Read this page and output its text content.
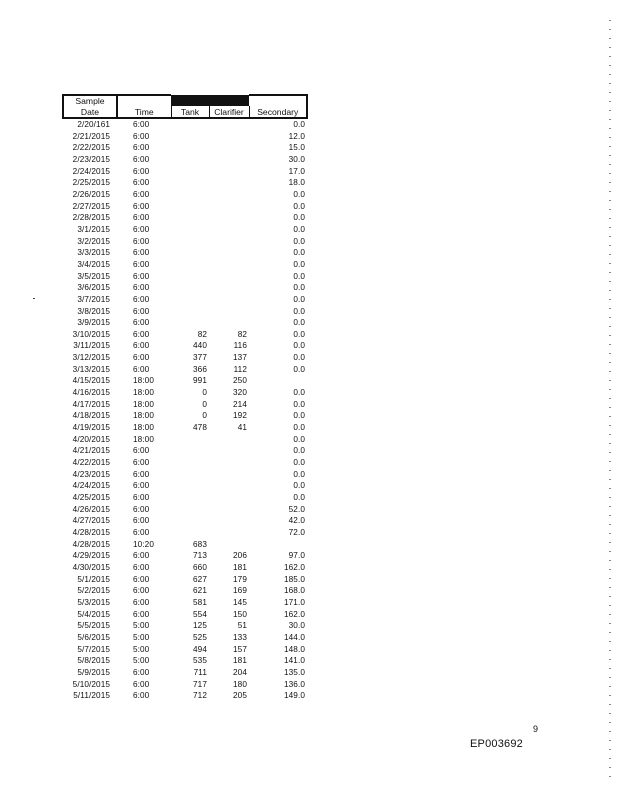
Sample				
Date	Time	Tank	Clarifier	Secondary
2/20/161	6:00			0.0
2/21/2015	6:00			12.0
2/22/2015	6:00			15.0
2/23/2015	6:00			30.0
2/24/2015	6:00			17.0
2/25/2015	6:00			18.0
2/26/2015	6:00			0.0
2/27/2015	6:00			0.0
2/28/2015	6:00			0.0
3/1/2015	6:00			0.0
3/2/2015	6:00			0.0
3/3/2015	6:00			0.0
3/4/2015	6:00			0.0
3/5/2015	6:00			0.0
3/6/2015	6:00			0.0
3/7/2015	6:00			0.0
3/8/2015	6:00			0.0
3/9/2015	6:00			0.0
3/10/2015	6:00	82	82	0.0
3/11/2015	6:00	440	116	0.0
3/12/2015	6:00	377	137	0.0
3/13/2015	6:00	366	112	0.0
4/15/2015	18:00	991	250	
4/16/2015	18:00	0	320	0.0
4/17/2015	18:00	0	214	0.0
4/18/2015	18:00	0	192	0.0
4/19/2015	18:00	478	41	0.0
4/20/2015	18:00			0.0
4/21/2015	6:00			0.0
4/22/2015	6:00			0.0
4/23/2015	6:00			0.0
4/24/2015	6:00			0.0
4/25/2015	6:00			0.0
4/26/2015	6:00			52.0
4/27/2015	6:00			42.0
4/28/2015	6:00			72.0
4/28/2015	10:20	683		
4/29/2015	6:00	713	206	97.0
4/30/2015	6:00	660	181	162.0
5/1/2015	6:00	627	179	185.0
5/2/2015	6:00	621	169	168.0
5/3/2015	6:00	581	145	171.0
5/4/2015	6:00	554	150	162.0
5/5/2015	5:00	125	51	30.0
5/6/2015	5:00	525	133	144.0
5/7/2015	5:00	494	157	148.0
5/8/2015	5:00	535	181	141.0
5/9/2015	6:00	711	204	135.0
5/10/2015	6:00	717	180	136.0
5/11/2015	6:00	712	205	149.0
9
EP003692
